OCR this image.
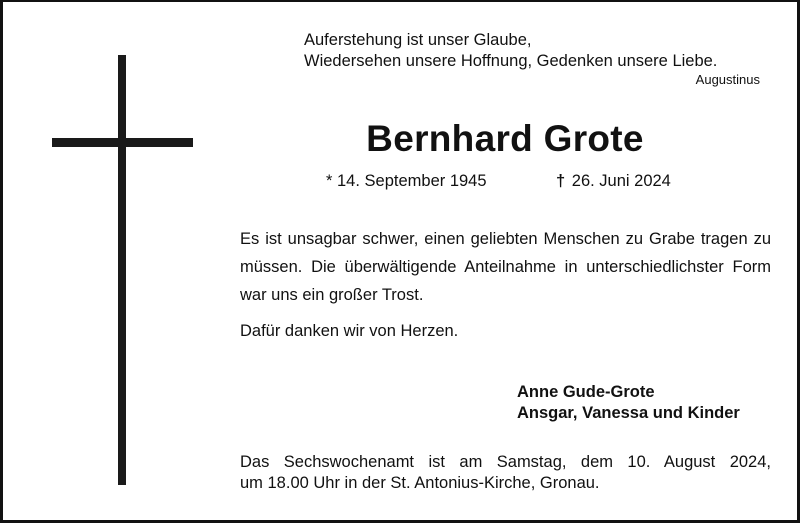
Auferstehung ist unser Glaube,
Wiedersehen unsere Hoffnung, Gedenken unsere Liebe.
Augustinus
Bernhard Grote
* 14. September 1945	† 26. Juni 2024
Es ist unsagbar schwer, einen geliebten Menschen zu Grabe tragen zu müssen. Die überwältigende Anteilnahme in unterschiedlichster Form war uns ein großer Trost.
Dafür danken wir von Herzen.
Anne Gude-Grote
Ansgar, Vanessa und Kinder
Das Sechswochenamt ist am Samstag, dem 10. August 2024,
um 18.00 Uhr in der St. Antonius-Kirche, Gronau.
